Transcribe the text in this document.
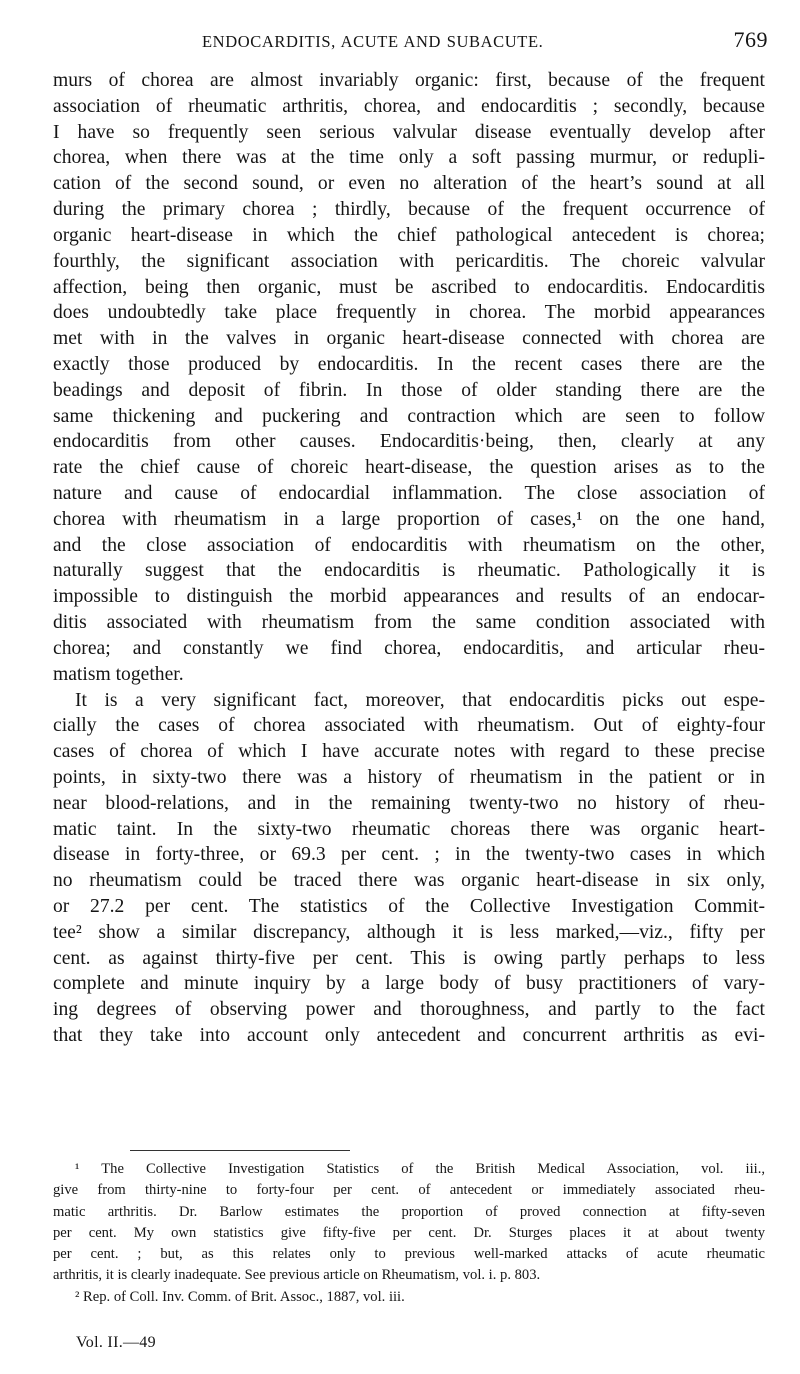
ENDOCARDITIS, ACUTE AND SUBACUTE.	769
murs of chorea are almost invariably organic: first, because of the frequent
association of rheumatic arthritis, chorea, and endocarditis ; secondly, because
I have so frequently seen serious valvular disease eventually develop after
chorea, when there was at the time only a soft passing murmur, or redupli-
cation of the second sound, or even no alteration of the heart’s sound at all
during the primary chorea ; thirdly, because of the frequent occurrence of
organic heart-disease in which the chief pathological antecedent is chorea;
fourthly, the significant association with pericarditis. The choreic valvular
affection, being then organic, must be ascribed to endocarditis. Endocarditis
does undoubtedly take place frequently in chorea. The morbid appearances
met with in the valves in organic heart-disease connected with chorea are
exactly those produced by endocarditis. In the recent cases there are the
beadings and deposit of fibrin. In those of older standing there are the
same thickening and puckering and contraction which are seen to follow
endocarditis from other causes. Endocarditis·being, then, clearly at any
rate the chief cause of choreic heart-disease, the question arises as to the
nature and cause of endocardial inflammation. The close association of
chorea with rheumatism in a large proportion of cases,¹ on the one hand,
and the close association of endocarditis with rheumatism on the other,
naturally suggest that the endocarditis is rheumatic. Pathologically it is
impossible to distinguish the morbid appearances and results of an endocar-
ditis associated with rheumatism from the same condition associated with
chorea; and constantly we find chorea, endocarditis, and articular rheu-
matism together.
It is a very significant fact, moreover, that endocarditis picks out espe-
cially the cases of chorea associated with rheumatism. Out of eighty-four
cases of chorea of which I have accurate notes with regard to these precise
points, in sixty-two there was a history of rheumatism in the patient or in
near blood-relations, and in the remaining twenty-two no history of rheu-
matic taint. In the sixty-two rheumatic choreas there was organic heart-
disease in forty-three, or 69.3 per cent. ; in the twenty-two cases in which
no rheumatism could be traced there was organic heart-disease in six only,
or 27.2 per cent. The statistics of the Collective Investigation Commit-
tee² show a similar discrepancy, although it is less marked,—viz., fifty per
cent. as against thirty-five per cent. This is owing partly perhaps to less
complete and minute inquiry by a large body of busy practitioners of vary-
ing degrees of observing power and thoroughness, and partly to the fact
that they take into account only antecedent and concurrent arthritis as evi-
¹ The Collective Investigation Statistics of the British Medical Association, vol. iii.,
give from thirty-nine to forty-four per cent. of antecedent or immediately associated rheu-
matic arthritis. Dr. Barlow estimates the proportion of proved connection at fifty-seven
per cent. My own statistics give fifty-five per cent. Dr. Sturges places it at about twenty
per cent. ; but, as this relates only to previous well-marked attacks of acute rheumatic
arthritis, it is clearly inadequate. See previous article on Rheumatism, vol. i. p. 803.
² Rep. of Coll. Inv. Comm. of Brit. Assoc., 1887, vol. iii.
Vol. II.—49
